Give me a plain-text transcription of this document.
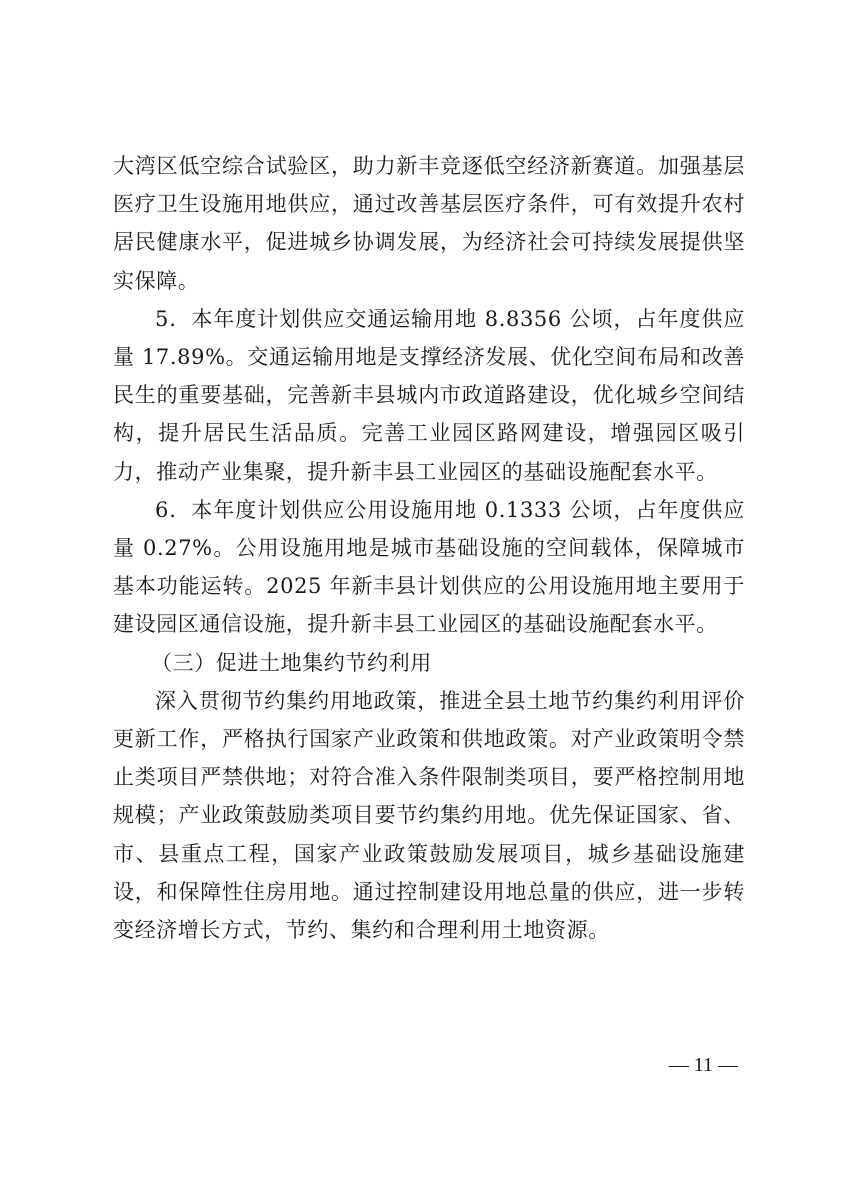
大湾区低空综合试验区，助力新丰竞逐低空经济新赛道。加强基层医疗卫生设施用地供应，通过改善基层医疗条件，可有效提升农村居民健康水平，促进城乡协调发展，为经济社会可持续发展提供坚实保障。

5．本年度计划供应交通运输用地 8.8356 公顷，占年度供应量 17.89%。交通运输用地是支撑经济发展、优化空间布局和改善民生的重要基础，完善新丰县城内市政道路建设，优化城乡空间结构，提升居民生活品质。完善工业园区路网建设，增强园区吸引力，推动产业集聚，提升新丰县工业园区的基础设施配套水平。

6．本年度计划供应公用设施用地 0.1333 公顷，占年度供应量 0.27%。公用设施用地是城市基础设施的空间载体，保障城市基本功能运转。2025 年新丰县计划供应的公用设施用地主要用于建设园区通信设施，提升新丰县工业园区的基础设施配套水平。

（三）促进土地集约节约利用

深入贯彻节约集约用地政策，推进全县土地节约集约利用评价更新工作，严格执行国家产业政策和供地政策。对产业政策明令禁止类项目严禁供地；对符合准入条件限制类项目，要严格控制用地规模；产业政策鼓励类项目要节约集约用地。优先保证国家、省、市、县重点工程，国家产业政策鼓励发展项目，城乡基础设施建设，和保障性住房用地。通过控制建设用地总量的供应，进一步转变经济增长方式，节约、集约和合理利用土地资源。

— 11 —
